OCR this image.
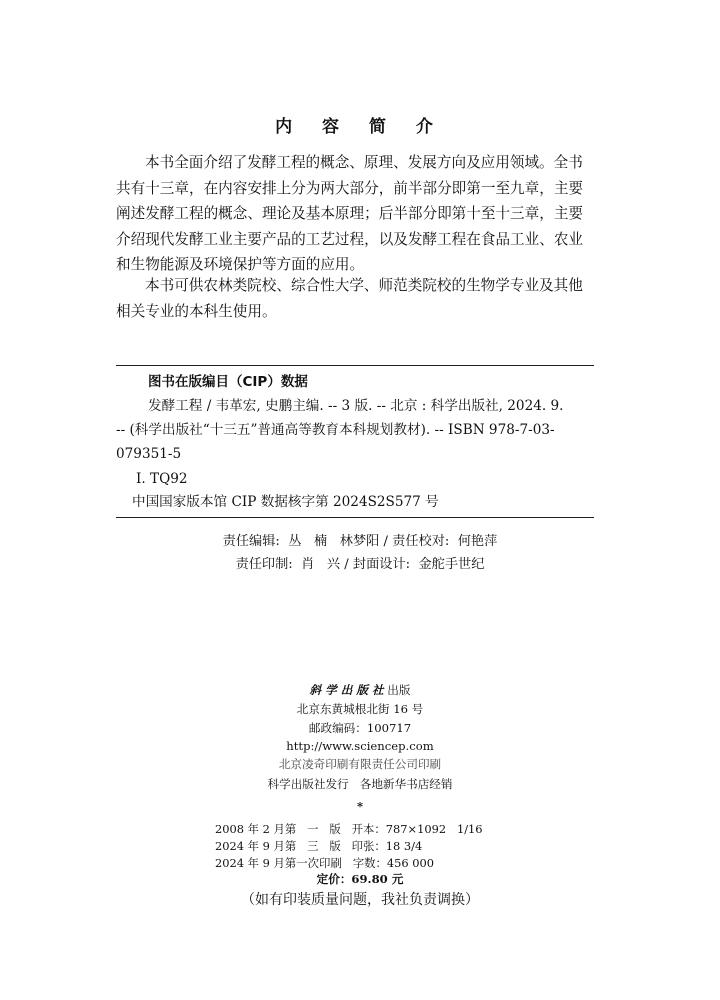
内 容 简 介
本书全面介绍了发酵工程的概念、原理、发展方向及应用领域。全书
共有十三章，在内容安排上分为两大部分，前半部分即第一至九章，主要
阐述发酵工程的概念、理论及基本原理；后半部分即第十至十三章，主要
介绍现代发酵工业主要产品的工艺过程，以及发酵工程在食品工业、农业
和生物能源及环境保护等方面的应用。
本书可供农林类院校、综合性大学、师范类院校的生物学专业及其他
相关专业的本科生使用。
图书在版编目（CIP）数据
发酵工程 / 韦革宏, 史鹏主编. -- 3 版. -- 北京 : 科学出版社, 2024. 9.
-- (科学出版社“十三五”普通高等教育本科规划教材). -- ISBN 978-7-03-
079351-5
Ⅰ. TQ92
中国国家版本馆 CIP 数据核字第 2024S2S577 号
责任编辑:  丛   楠   林梦阳 / 责任校对:  何艳萍
责任印制:  肖   兴 / 封面设计:  金舵手世纪
斜 学 出 版 社 出版
北京东黄城根北街 16 号
邮政编码：100717
http://www.sciencep.com
北京凌奇印刷有限责任公司印刷
科学出版社发行   各地新华书店经销
*
2008 年 2 月第   一   版   开本：787×1092   1/16
2024 年 9 月第   三   版   印张：18 3/4
2024 年 9 月第一次印刷   字数：456 000
定价：69.80 元
（如有印装质量问题，我社负责调换）
